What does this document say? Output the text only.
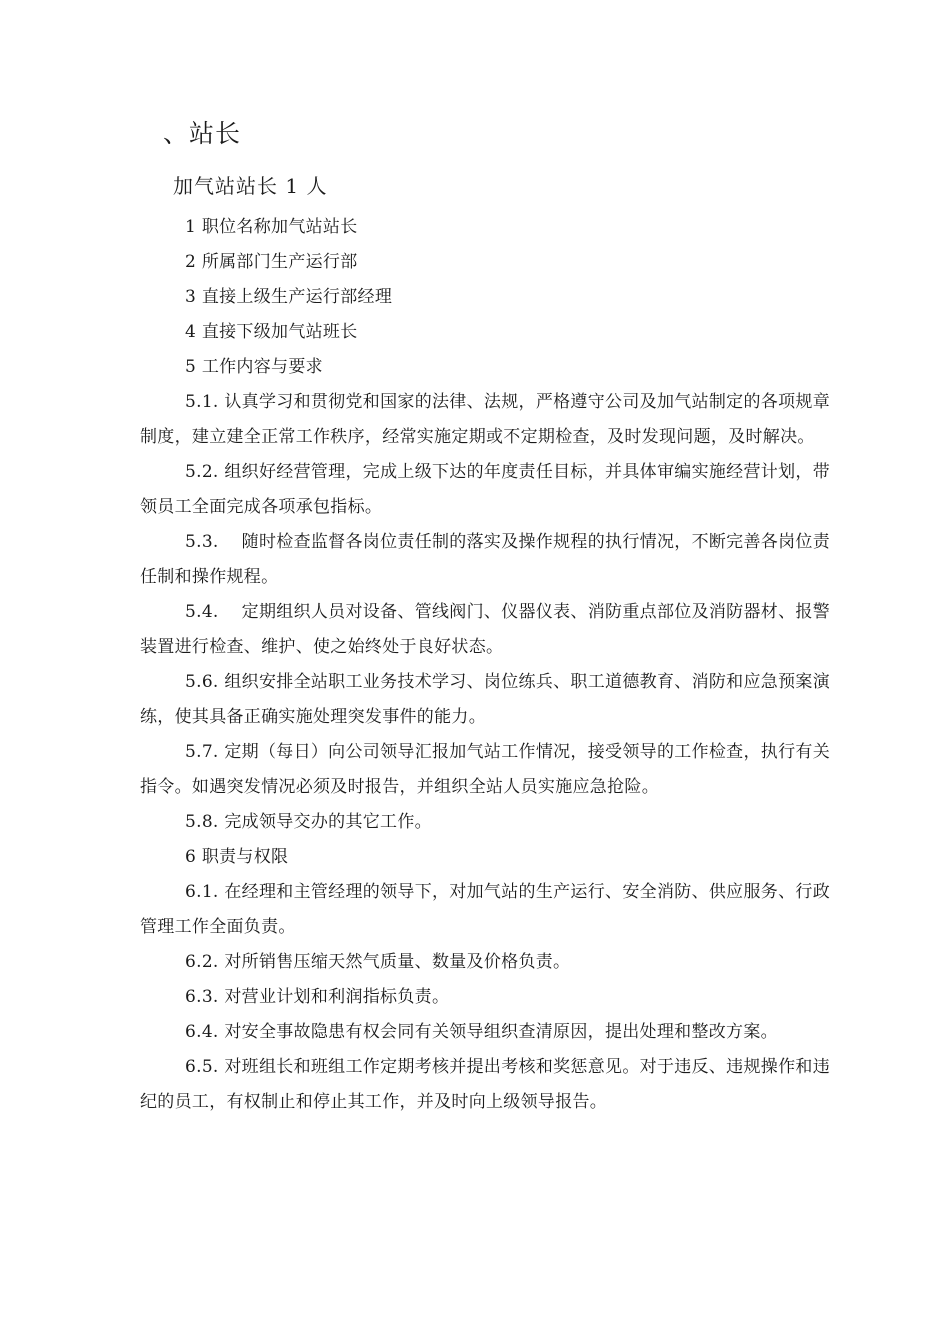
、站长
加气站站长 1 人

1 职位名称加气站站长

2 所属部门生产运行部

3 直接上级生产运行部经理

4 直接下级加气站班长

5 工作内容与要求

5.1. 认真学习和贯彻党和国家的法律、法规，严格遵守公司及加气站制定的各项规章制度，建立建全正常工作秩序，经常实施定期或不定期检查，及时发现问题，及时解决。

5.2. 组织好经营管理，完成上级下达的年度责任目标，并具体审编实施经营计划，带领员工全面完成各项承包指标。

5.3.　 随时检查监督各岗位责任制的落实及操作规程的执行情况，不断完善各岗位责任制和操作规程。

5.4.　 定期组织人员对设备、管线阀门、仪器仪表、消防重点部位及消防器材、报警装置进行检查、维护、使之始终处于良好状态。

5.6. 组织安排全站职工业务技术学习、岗位练兵、职工道德教育、消防和应急预案演练，使其具备正确实施处理突发事件的能力。

5.7. 定期（每日）向公司领导汇报加气站工作情况，接受领导的工作检查，执行有关指令。如遇突发情况必须及时报告，并组织全站人员实施应急抢险。

5.8. 完成领导交办的其它工作。

6 职责与权限

6.1. 在经理和主管经理的领导下，对加气站的生产运行、安全消防、供应服务、行政管理工作全面负责。

6.2. 对所销售压缩天然气质量、数量及价格负责。

6.3. 对营业计划和利润指标负责。

6.4. 对安全事故隐患有权会同有关领导组织查清原因，提出处理和整改方案。

6.5. 对班组长和班组工作定期考核并提出考核和奖惩意见。对于违反、违规操作和违纪的员工，有权制止和停止其工作，并及时向上级领导报告。
